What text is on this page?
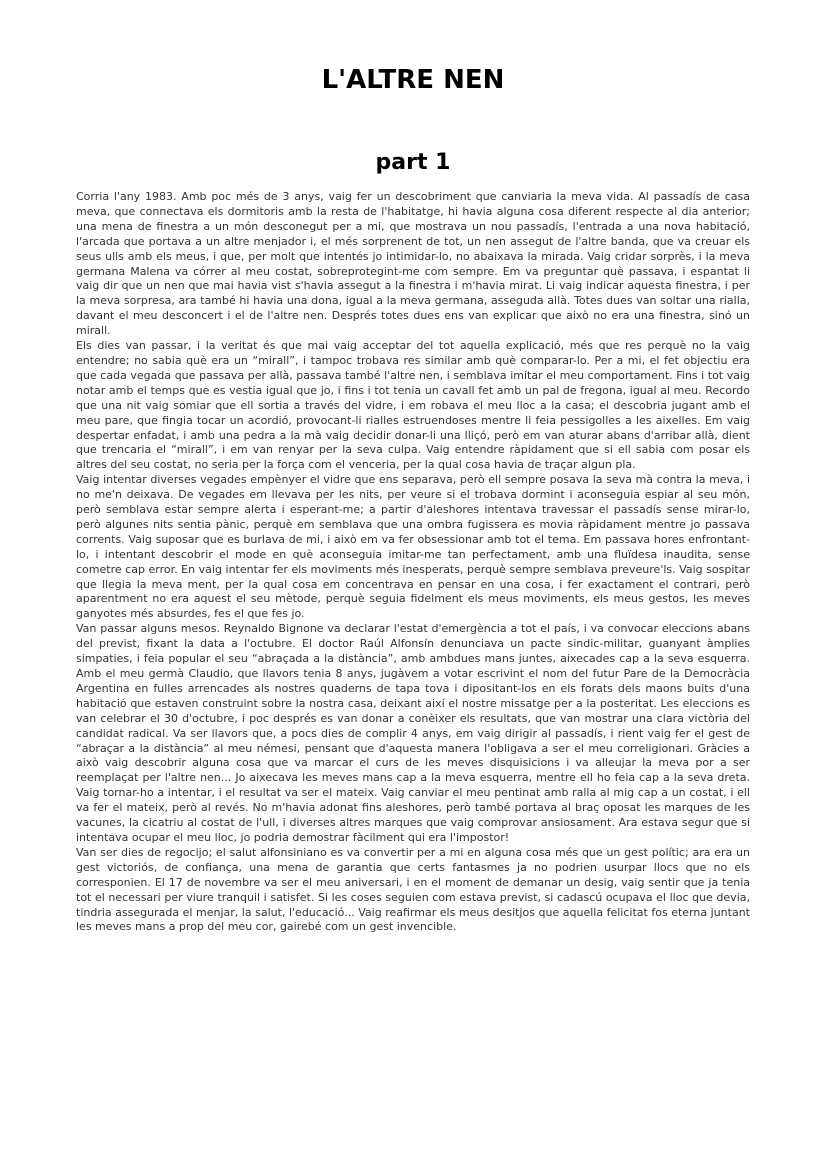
L'ALTRE NEN
part 1

Corria l'any 1983. Amb poc més de 3 anys, vaig fer un descobriment que canviaria la meva vida. Al passadís de casa meva, que connectava els dormitoris amb la resta de l'habitatge, hi havia alguna cosa diferent respecte al dia anterior; una mena de finestra a un món desconegut per a mi, que mostrava un nou passadís, l'entrada a una nova habitació, l'arcada que portava a un altre menjador i, el més sorprenent de tot, un nen assegut de l'altre banda, que va creuar els seus ulls amb els meus, i que, per molt que intentés jo intimidar-lo, no abaixava la mirada. Vaig cridar sorprès, i la meva germana Malena va córrer al meu costat, sobreprotegint-me com sempre. Em va preguntar què passava, i espantat li vaig dir que un nen que mai havia vist s'havia assegut a la finestra i m'havia mirat. Li vaig indicar aquesta finestra, i per la meva sorpresa, ara també hi havia una dona, igual a la meva germana, asseguda allà. Totes dues van soltar una rialla, davant el meu desconcert i el de l'altre nen. Després totes dues ens van explicar que això no era una finestra, sinó un mirall.

Els dies van passar, i la veritat és que mai vaig acceptar del tot aquella explicació, més que res perquè no la vaig entendre; no sabia què era un “mirall”, i tampoc trobava res similar amb què comparar-lo. Per a mi, el fet objectiu era que cada vegada que passava per allà, passava també l'altre nen, i semblava imitar el meu comportament. Fins i tot vaig notar amb el temps que es vestia igual que jo, i fins i tot tenia un cavall fet amb un pal de fregona, igual al meu. Recordo que una nit vaig somiar que ell sortia a través del vidre, i em robava el meu lloc a la casa; el descobria jugant amb el meu pare, que fingia tocar un acordió, provocant-li rialles estruendoses mentre li feia pessigolles a les aixelles. Em vaig despertar enfadat, i amb una pedra a la mà vaig decidir donar-li una lliçó, però em van aturar abans d'arribar allà, dient que trencaria el “mirall”, i em van renyar per la seva culpa. Vaig entendre ràpidament que si ell sabia com posar els altres del seu costat, no seria per la força com el venceria, per la qual cosa havia de traçar algun pla.

Vaig intentar diverses vegades empènyer el vidre que ens separava, però ell sempre posava la seva mà contra la meva, i no me'n deixava. De vegades em llevava per les nits, per veure si el trobava dormint i aconseguia espiar al seu món, però semblava estar sempre alerta i esperant-me; a partir d'aleshores intentava travessar el passadís sense mirar-lo, però algunes nits sentia pànic, perquè em semblava que una ombra fugissera es movia ràpidament mentre jo passava corrents. Vaig suposar que es burlava de mi, i això em va fer obsessionar amb tot el tema. Em passava hores enfrontant-lo, i intentant descobrir el mode en què aconseguia imitar-me tan perfectament, amb una fluïdesa inaudita, sense cometre cap error. En vaig intentar fer els moviments més inesperats, perquè sempre semblava preveure'ls. Vaig sospitar que llegia la meva ment, per la qual cosa em concentrava en pensar en una cosa, i fer exactament el contrari, però aparentment no era aquest el seu mètode, perquè seguia fidelment els meus moviments, els meus gestos, les meves ganyotes més absurdes, fes el que fes jo.

Van passar alguns mesos. Reynaldo Bignone va declarar l'estat d'emergència a tot el país, i va convocar eleccions abans del previst, fixant la data a l'octubre. El doctor Raúl Alfonsín denunciava un pacte sindic-militar, guanyant àmplies simpaties, i feia popular el seu “abraçada a la distància”, amb ambdues mans juntes, aixecades cap a la seva esquerra. Amb el meu germà Claudio, que llavors tenia 8 anys, jugàvem a votar escrivint el nom del futur Pare de la Democràcia Argentina en fulles arrencades als nostres quaderns de tapa tova i dipositant-los en els forats dels maons buits d'una habitació que estaven construint sobre la nostra casa, deixant així el nostre missatge per a la posteritat. Les eleccions es van celebrar el 30 d'octubre, i poc després es van donar a conèixer els resultats, que van mostrar una clara victòria del candidat radical. Va ser llavors que, a pocs dies de complir 4 anys, em vaig dirigir al passadís, i rient vaig fer el gest de “abraçar a la distància” al meu némesi, pensant que d'aquesta manera l'obligava a ser el meu correligionari. Gràcies a això vaig descobrir alguna cosa que va marcar el curs de les meves disquisicions i va alleujar la meva por a ser reemplaçat per l'altre nen... Jo aixecava les meves mans cap a la meva esquerra, mentre ell ho feia cap a la seva dreta. Vaig tornar-ho a intentar, i el resultat va ser el mateix. Vaig canviar el meu pentinat amb ralla al mig cap a un costat, i ell va fer el mateix, però al revés. No m'havia adonat fins aleshores, però també portava al braç oposat les marques de les vacunes, la cicatriu al costat de l'ull, i diverses altres marques que vaig comprovar ansiosament. Ara estava segur que si intentava ocupar el meu lloc, jo podria demostrar fàcilment qui era l'impostor!

Van ser dies de regocijo; el salut alfonsiniano es va convertir per a mi en alguna cosa més que un gest polític; ara era un gest victoriós, de confiança, una mena de garantia que certs fantasmes ja no podrien usurpar llocs que no els corresponien. El 17 de novembre va ser el meu aniversari, i en el moment de demanar un desig, vaig sentir que ja tenia tot el necessari per viure tranquil i satisfet. Si les coses seguien com estava previst, si cadascú ocupava el lloc que devia, tindria assegurada el menjar, la salut, l'educació... Vaig reafirmar els meus desitjos que aquella felicitat fos eterna juntant les meves mans a prop del meu cor, gairebé com un gest invencible.
